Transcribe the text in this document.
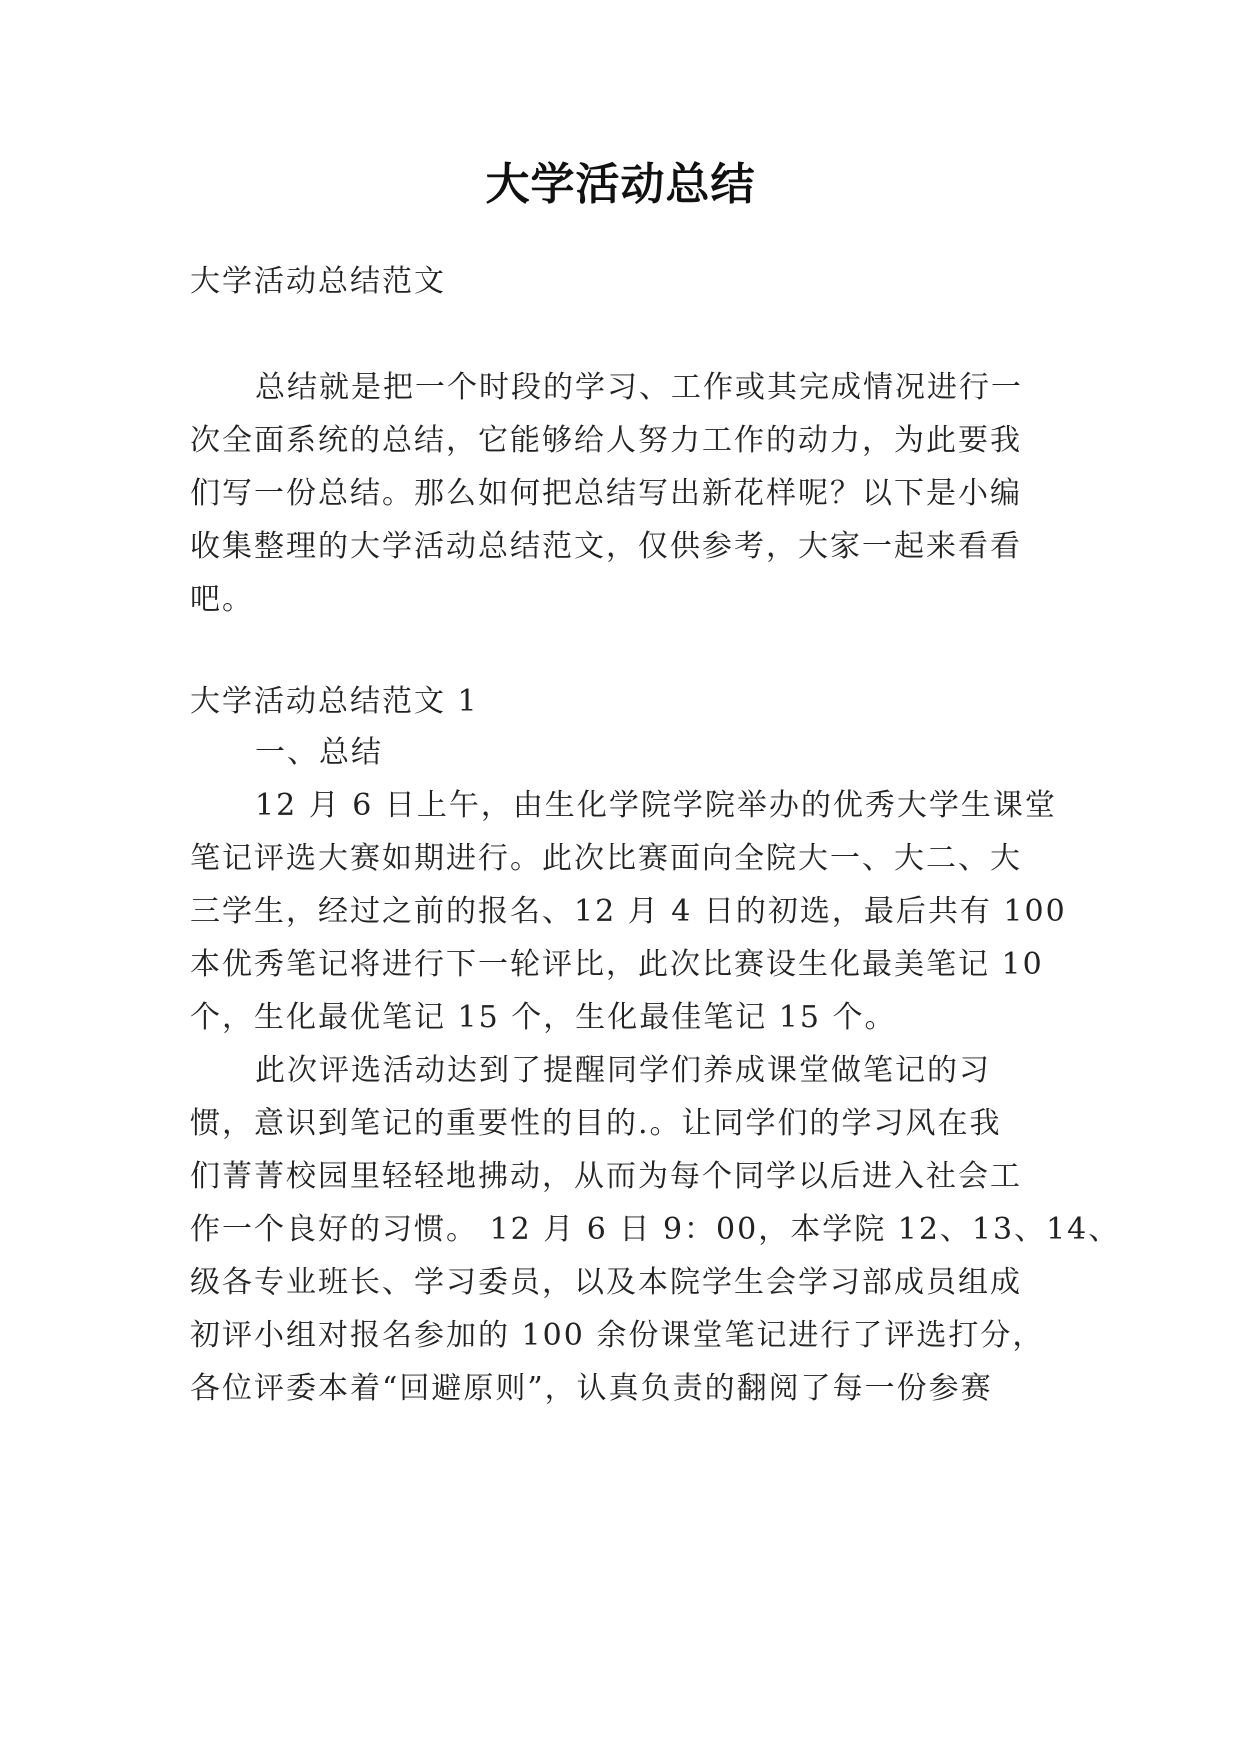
大学活动总结
大学活动总结范文
总结就是把一个时段的学习、工作或其完成情况进行一
次全面系统的总结，它能够给人努力工作的动力，为此要我
们写一份总结。那么如何把总结写出新花样呢？以下是小编
收集整理的大学活动总结范文，仅供参考，大家一起来看看
吧。
大学活动总结范文 1
一、总结
12 月 6 日上午，由生化学院学院举办的优秀大学生课堂
笔记评选大赛如期进行。此次比赛面向全院大一、大二、大
三学生，经过之前的报名、12 月 4 日的初选，最后共有 100
本优秀笔记将进行下一轮评比，此次比赛设生化最美笔记 10
个，生化最优笔记 15 个，生化最佳笔记 15 个。
此次评选活动达到了提醒同学们养成课堂做笔记的习
惯，意识到笔记的重要性的目的.。让同学们的学习风在我
们菁菁校园里轻轻地拂动，从而为每个同学以后进入社会工
作一个良好的习惯。 12 月 6 日 9：00，本学院 12、13、14、
级各专业班长、学习委员，以及本院学生会学习部成员组成
初评小组对报名参加的 100 余份课堂笔记进行了评选打分，
各位评委本着“回避原则”，认真负责的翻阅了每一份参赛
